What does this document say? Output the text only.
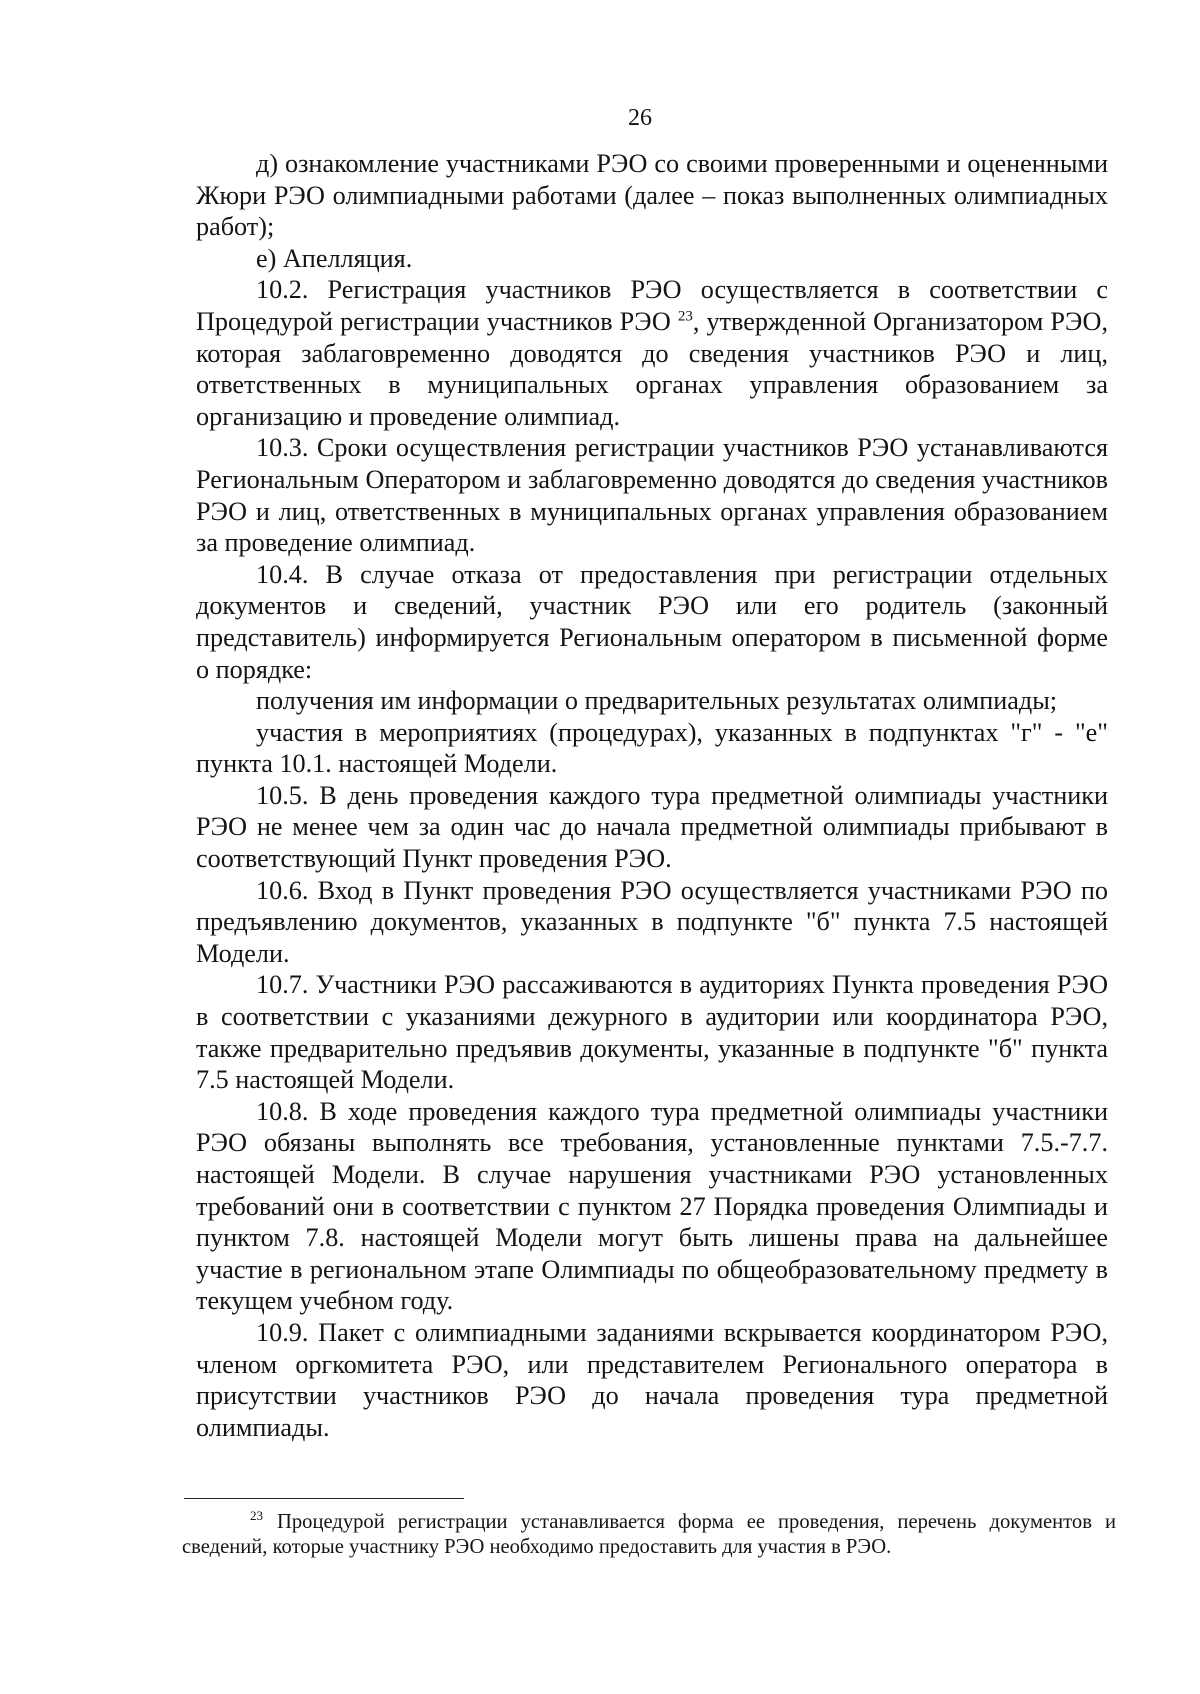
26

д) ознакомление участниками РЭО со своими проверенными и оцененными Жюри РЭО олимпиадными работами (далее – показ выполненных олимпиадных работ);

е) Апелляция.

10.2. Регистрация участников РЭО осуществляется в соответствии с Процедурой регистрации участников РЭО $^{23}$, утвержденной Организатором РЭО, которая заблаговременно доводятся до сведения участников РЭО и лиц, ответственных в муниципальных органах управления образованием за организацию и проведение олимпиад.

10.3. Сроки осуществления регистрации участников РЭО устанавливаются Региональным Оператором и заблаговременно доводятся до сведения участников РЭО и лиц, ответственных в муниципальных органах управления образованием за проведение олимпиад.

10.4. В случае отказа от предоставления при регистрации отдельных документов и сведений, участник РЭО или его родитель (законный представитель) информируется Региональным оператором в письменной форме о порядке:

получения им информации о предварительных результатах олимпиады;

участия в мероприятиях (процедурах), указанных в подпунктах "г" - "е" пункта 10.1. настоящей Модели.

10.5. В день проведения каждого тура предметной олимпиады участники РЭО не менее чем за один час до начала предметной олимпиады прибывают в соответствующий Пункт проведения РЭО.

10.6. Вход в Пункт проведения РЭО осуществляется участниками РЭО по предъявлению документов, указанных в подпункте "б" пункта 7.5 настоящей Модели.

10.7. Участники РЭО рассаживаются в аудиториях Пункта проведения РЭО в соответствии с указаниями дежурного в аудитории или координатора РЭО, также предварительно предъявив документы, указанные в подпункте "б" пункта 7.5 настоящей Модели.

10.8. В ходе проведения каждого тура предметной олимпиады участники РЭО обязаны выполнять все требования, установленные пунктами 7.5.-7.7. настоящей Модели. В случае нарушения участниками РЭО установленных требований они в соответствии с пунктом 27 Порядка проведения Олимпиады и пунктом 7.8. настоящей Модели могут быть лишены права на дальнейшее участие в региональном этапе Олимпиады по общеобразовательному предмету в текущем учебном году.

10.9. Пакет с олимпиадными заданиями вскрывается координатором РЭО, членом оргкомитета РЭО, или представителем Регионального оператора в присутствии участников РЭО до начала проведения тура предметной олимпиады.

23 Процедурой регистрации устанавливается форма ее проведения, перечень документов и сведений, которые участнику РЭО необходимо предоставить для участия в РЭО.
